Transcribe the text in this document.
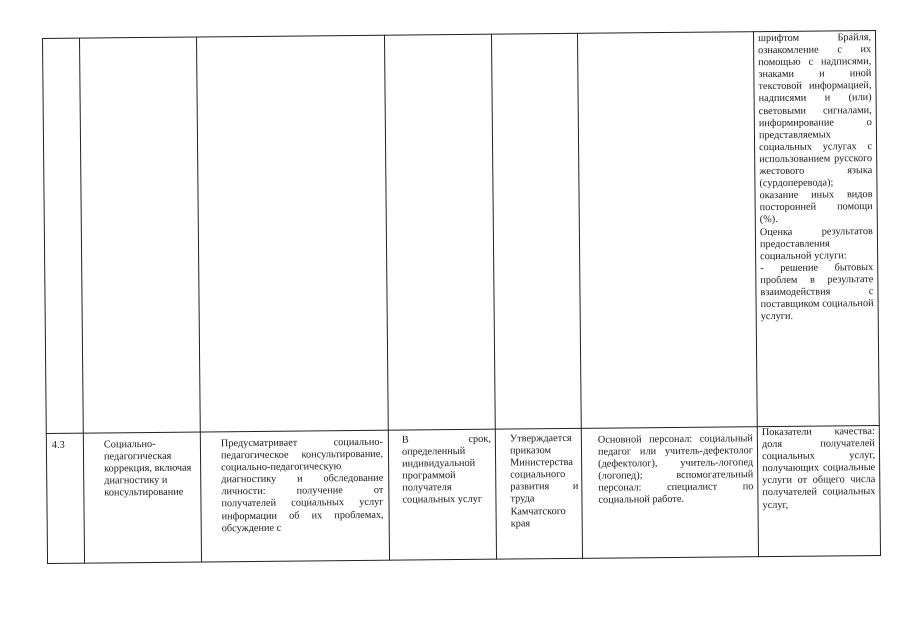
шрифтом Брайля, ознакомление с их помощью с надписями, знаками и иной текстовой информацией, надписями и (или) световыми сигналами, информирование о представляемых социальных услугах с использованием русского жестового языка (сурдоперевода); оказание иных видов посторонней помощи (%).
Оценка результатов предоставления социальной услуги:
- решение бытовых проблем в результате взаимодействия с поставщиком социальной услуги.
4.3	Социально-педагогическая коррекция, включая диагностику и консультирование
Предусматривает социально-педагогическое консультирование, социально-педагогическую диагностику и обследование личности: получение от получателей социальных услуг информации об их проблемах, обсуждение с
В срок, определенный индивидуальной программой получателя социальных услуг
Утверждается приказом Министерства социального развития и труда Камчатского края
Основной персонал: социальный педагог или учитель-дефектолог (дефектолог), учитель-логопед (логопед); вспомогательный персонал: специалист по социальной работе.
Показатели качества: доля получателей социальных услуг, получающих социальные услуги от общего числа получателей социальных услуг,
